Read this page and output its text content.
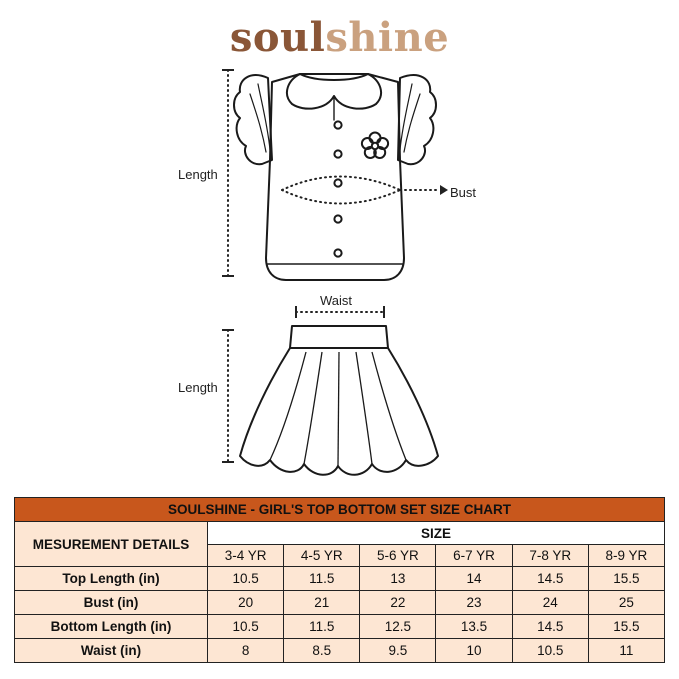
soulshine
Length
Bust
Waist
Length
SOULSHINE - GIRL'S TOP BOTTOM SET SIZE CHART						
MESUREMENT DETAILS	SIZE					
	3-4 YR	4-5 YR	5-6 YR	6-7 YR	7-8 YR	8-9 YR
Top Length (in)	10.5	11.5	13	14	14.5	15.5
Bust (in)	20	21	22	23	24	25
Bottom Length (in)	10.5	11.5	12.5	13.5	14.5	15.5
Waist (in)	8	8.5	9.5	10	10.5	11
